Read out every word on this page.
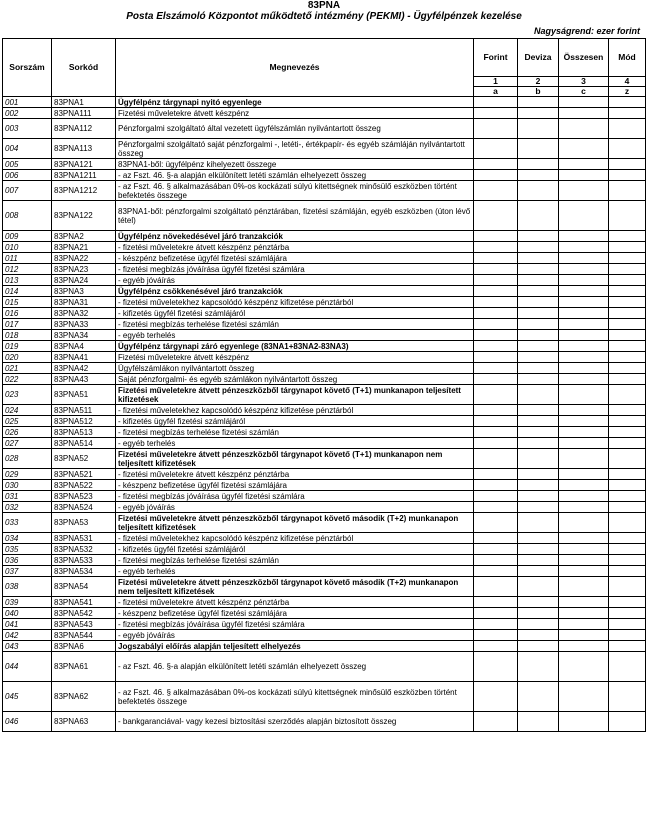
83PNA
Posta Elszámoló Központot működtető intézmény (PEKMI) - Ügyfélpénzek kezelése
Nagyságrend: ezer forint
Sorszám	Sorkód	Megnevezés	Forint	Deviza	Összesen	Mód
			1	2	3	4
			a	b	c	z
001	83PNA1	Ügyfélpénz tárgynapi nyitó egyenlege				
002	83PNA111	Fizetési műveletekre átvett készpénz				
003	83PNA112	Pénzforgalmi szolgáltató által vezetett ügyfélszámlán nyilvántartott összeg				
004	83PNA113	Pénzforgalmi szolgáltató saját pénzforgalmi -, letéti-, értékpapír- és egyéb számláján nyilvántartott összeg				
005	83PNA121	83PNA1-ből: ügyfélpénz kihelyezett összege				
006	83PNA1211	- az Fszt. 46. §-a alapján elkülönített letéti számlán elhelyezett összeg				
007	83PNA1212	- az Fszt. 46. § alkalmazásában 0%-os kockázati súlyú kitettségnek minősülő eszközben történt befektetés összege				
008	83PNA122	83PNA1-ből: pénzforgalmi szolgáltató pénztárában, fizetési számláján, egyéb eszközben (úton lévő tétel)				
009	83PNA2	Ügyfélpénz növekedésével járó tranzakciók				
010	83PNA21	- fizetési műveletekre átvett készpénz pénztárba				
011	83PNA22	- készpénz befizetése ügyfél fizetési számlájára				
012	83PNA23	- fizetési megbízás jóváírása ügyfél fizetési számlára				
013	83PNA24	- egyéb jóváírás				
014	83PNA3	Ügyfélpénz csökkenésével járó tranzakciók				
015	83PNA31	- fizetési műveletekhez kapcsolódó készpénz kifizetése pénztárból				
016	83PNA32	- kifizetés ügyfél fizetési számlájáról				
017	83PNA33	- fizetési megbízás terhelése fizetési számlán				
018	83PNA34	- egyéb terhelés				
019	83PNA4	Ügyfélpénz tárgynapi záró egyenlege (83NA1+83NA2-83NA3)				
020	83PNA41	Fizetési műveletekre átvett készpénz				
021	83PNA42	Ügyfélszámlákon nyilvántartott összeg				
022	83PNA43	Saját pénzforgalmi- és egyéb számlákon nyilvántartott összeg				
023	83PNA51	Fizetési műveletekre átvett pénzeszközből tárgynapot követő (T+1) munkanapon teljesített kifizetések				
024	83PNA511	- fizetési műveletekhez kapcsolódó készpénz kifizetése pénztárból				
025	83PNA512	- kifizetés ügyfél fizetési számlájáról				
026	83PNA513	- fizetési megbízás terhelése fizetési számlán				
027	83PNA514	- egyéb terhelés				
028	83PNA52	Fizetési műveletekre átvett pénzeszközből tárgynapot követő (T+1) munkanapon nem teljesített kifizetések				
029	83PNA521	- fizetési műveletekre átvett készpénz pénztárba				
030	83PNA522	- készpenz befizetése ügyfél fizetési számlájára				
031	83PNA523	- fizetési megbízás jóváírása ügyfél fizetési számlára				
032	83PNA524	- egyéb jóváírás				
033	83PNA53	Fizetési műveletekre átvett pénzeszközből tárgynapot követő második (T+2) munkanapon teljesített kifizetések				
034	83PNA531	- fizetési műveletekhez kapcsolódó készpénz kifizetése pénztárból				
035	83PNA532	- kifizetés ügyfél fizetési számlájáról				
036	83PNA533	- fizetési megbízás terhelése fizetési számlán				
037	83PNA534	- egyéb terhelés				
038	83PNA54	Fizetési műveletekre átvett pénzeszközből tárgynapot követő második (T+2) munkanapon nem teljesített kifizetések				
039	83PNA541	- fizetési műveletekre átvett készpénz pénztárba				
040	83PNA542	- készpenz befizetése ügyfél fizetési számlájára				
041	83PNA543	- fizetési megbízás jóváírása ügyfél fizetési számlára				
042	83PNA544	- egyéb jóváírás				
043	83PNA6	Jogszabályi előírás alapján teljesített elhelyezés				
044	83PNA61	- az Fszt. 46. §-a alapján elkülönített letéti számlán elhelyezett összeg				
045	83PNA62	- az Fszt. 46. § alkalmazásában 0%-os kockázati súlyú kitettségnek minősülő eszközben történt befektetés összege				
046	83PNA63	- bankgaranciával- vagy kezesi biztosítási szerződés alapján biztosított összeg				
